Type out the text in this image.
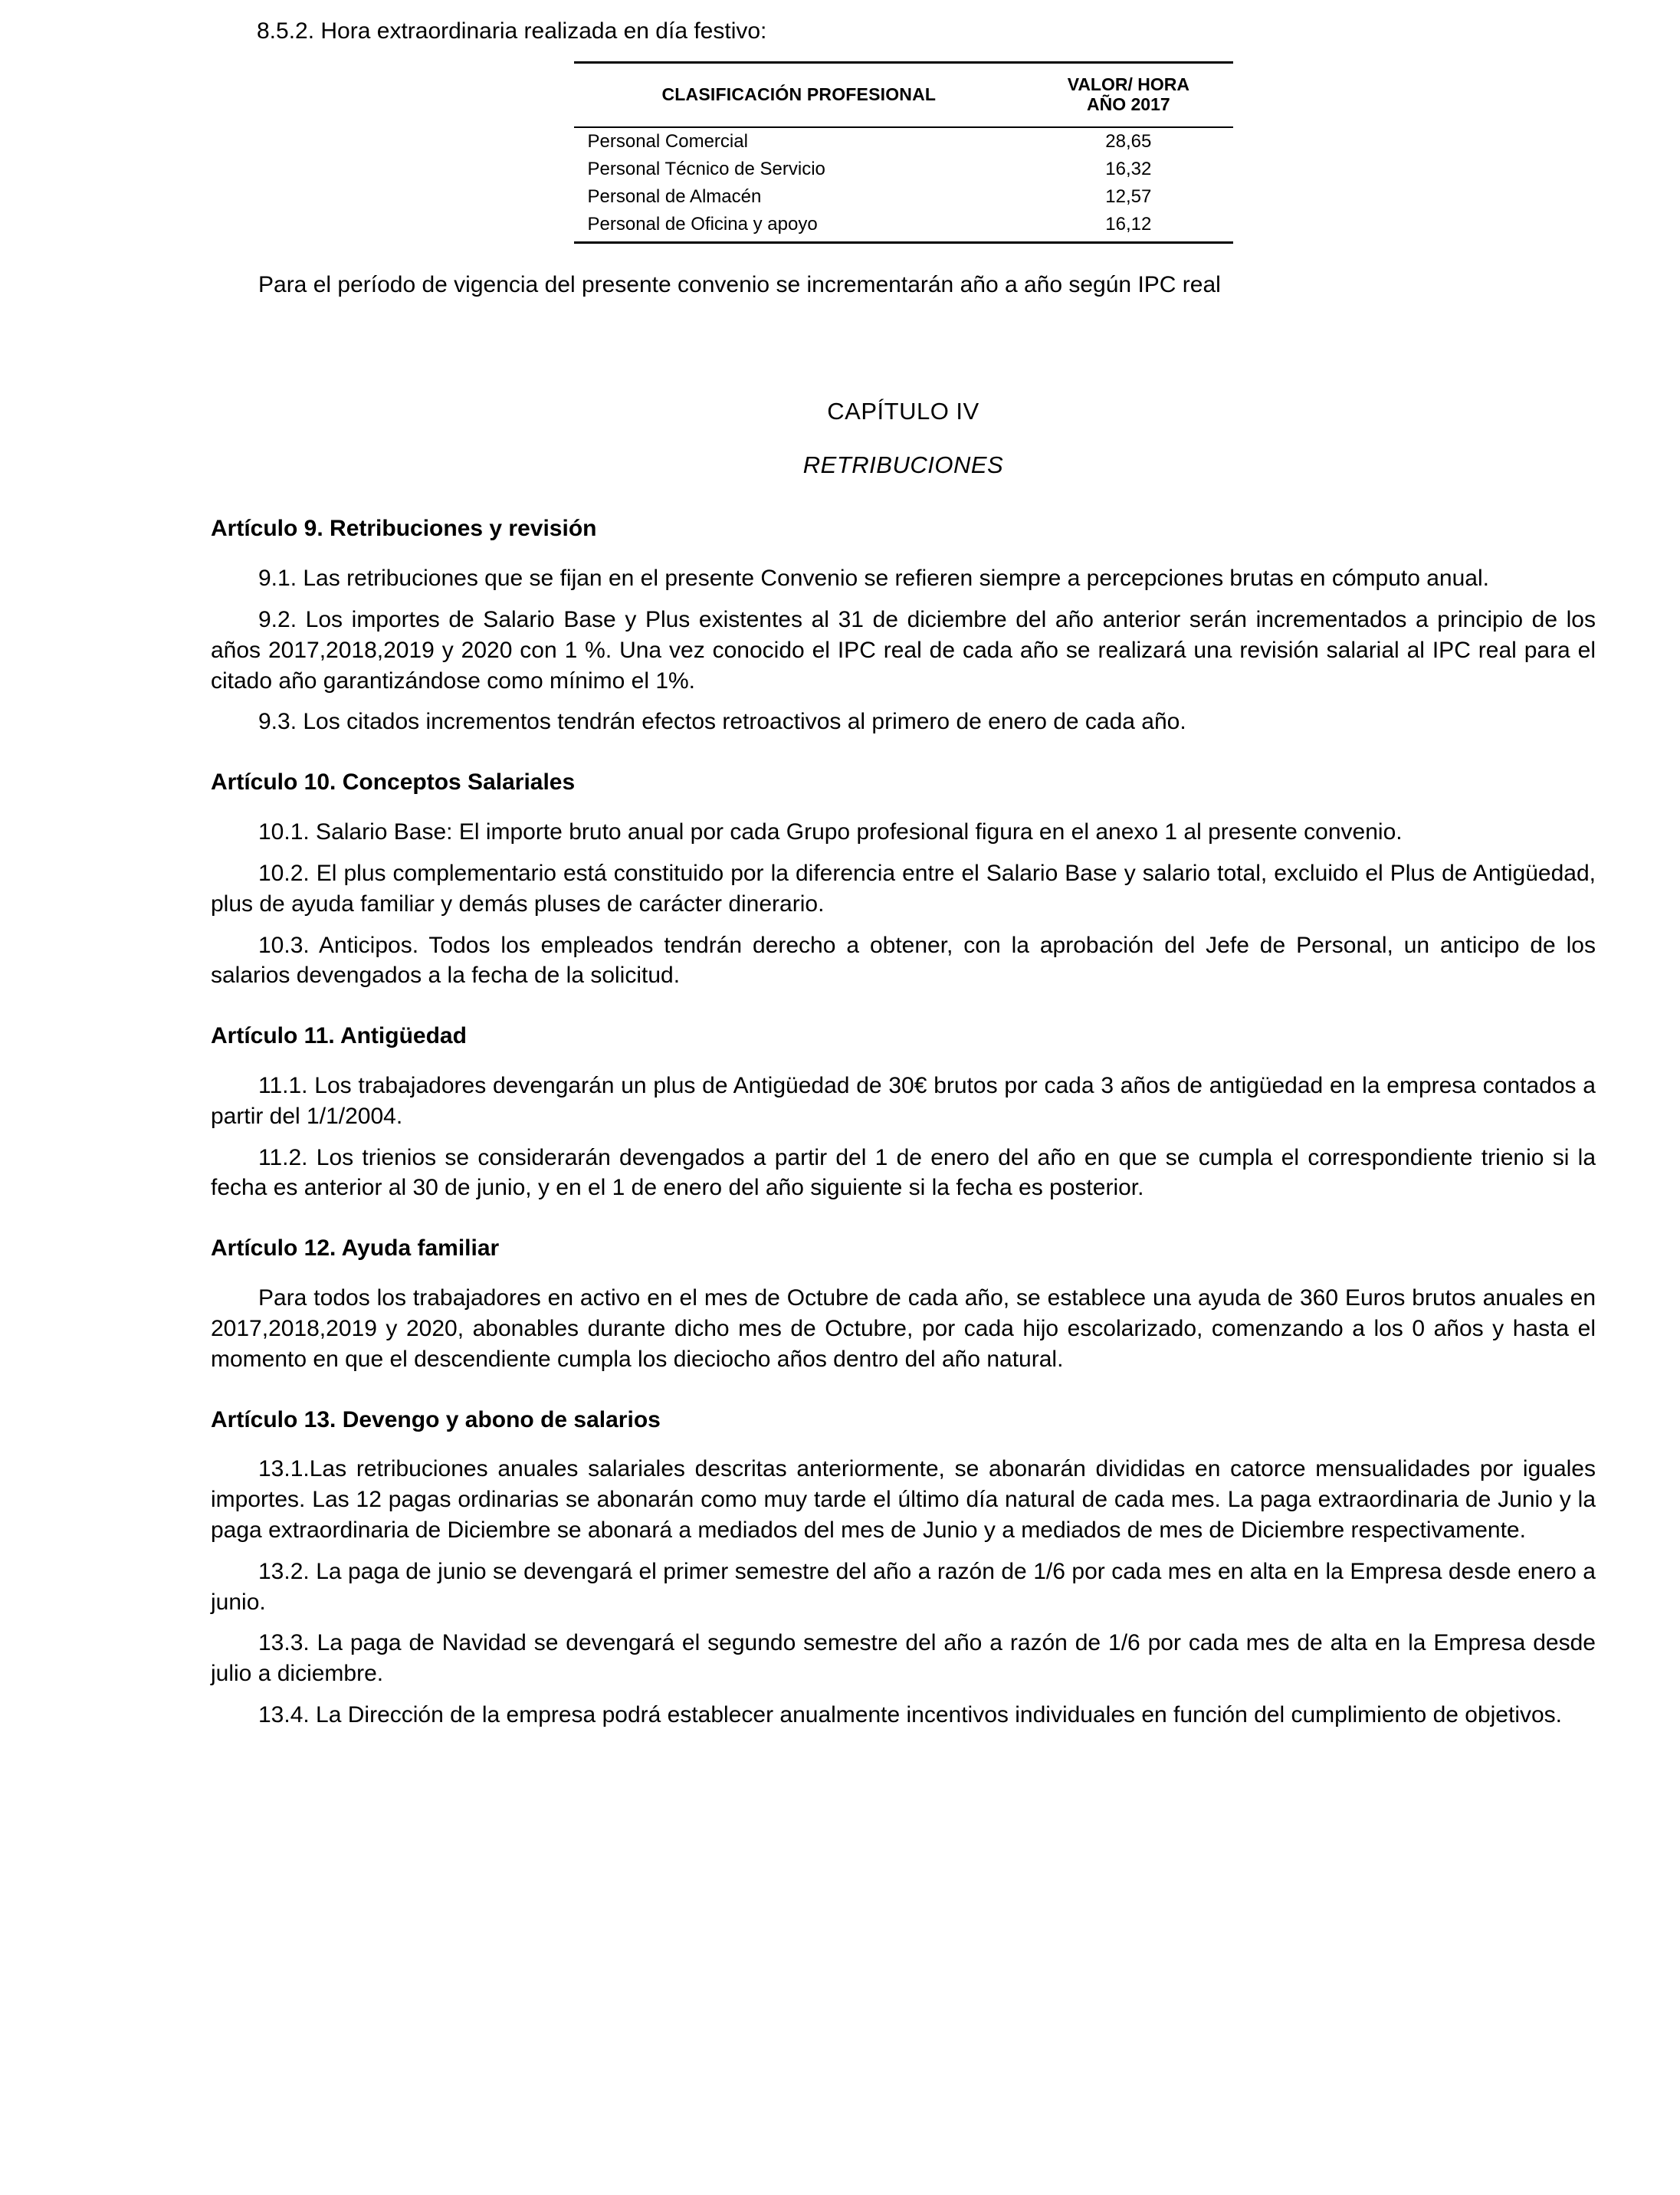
8.5.2. Hora extraordinaria realizada en día festivo:
CLASIFICACIÓN PROFESIONAL	VALOR/ HORA
AÑO 2017

Personal Comercial	28,65
Personal Técnico de Servicio	16,32
Personal de Almacén	12,57
Personal de Oficina y apoyo	16,12
Para el período de vigencia del presente convenio se incrementarán año a año según IPC real
CAPÍTULO IV
RETRIBUCIONES
Artículo 9. Retribuciones y revisión

9.1. Las retribuciones que se fijan en el presente Convenio se refieren siempre a percepciones brutas en cómputo anual.

9.2. Los importes de Salario Base y Plus existentes al 31 de diciembre del año anterior serán incrementados a principio de los años 2017,2018,2019 y 2020 con 1 %. Una vez conocido el IPC real de cada año se realizará una revisión salarial al IPC real para el citado año garantizándose como mínimo el 1%.

9.3. Los citados incrementos tendrán efectos retroactivos al primero de enero de cada año.

Artículo 10. Conceptos Salariales

10.1. Salario Base: El importe bruto anual por cada Grupo profesional figura en el anexo 1 al presente convenio.

10.2. El plus complementario está constituido por la diferencia entre el Salario Base y salario total, excluido el Plus de Antigüedad, plus de ayuda familiar y demás pluses de carácter dinerario.

10.3. Anticipos. Todos los empleados tendrán derecho a obtener, con la aprobación del Jefe de Personal, un anticipo de los salarios devengados a la fecha de la solicitud.

Artículo 11. Antigüedad

11.1. Los trabajadores devengarán un plus de Antigüedad de 30€ brutos por cada 3 años de antigüedad en la empresa contados a partir del 1/1/2004.

11.2. Los trienios se considerarán devengados a partir del 1 de enero del año en que se cumpla el correspondiente trienio si la fecha es anterior al 30 de junio, y en el 1 de enero del año siguiente si la fecha es posterior.

Artículo 12. Ayuda familiar

Para todos los trabajadores en activo en el mes de Octubre de cada año, se establece una ayuda de 360 Euros brutos anuales en 2017,2018,2019 y 2020, abonables durante dicho mes de Octubre, por cada hijo escolarizado, comenzando a los 0 años y hasta el momento en que el descendiente cumpla los dieciocho años dentro del año natural.

Artículo 13. Devengo y abono de salarios

13.1.Las retribuciones anuales salariales descritas anteriormente, se abonarán divididas en catorce mensualidades por iguales importes. Las 12 pagas ordinarias se abonarán como muy tarde el último día natural de cada mes. La paga extraordinaria de Junio y la paga extraordinaria de Diciembre se abonará a mediados del mes de Junio y a mediados de mes de Diciembre respectivamente.

13.2. La paga de junio se devengará el primer semestre del año a razón de 1/6 por cada mes en alta en la Empresa desde enero a junio.

13.3. La paga de Navidad se devengará el segundo semestre del año a razón de 1/6 por cada mes de alta en la Empresa desde julio a diciembre.

13.4. La Dirección de la empresa podrá establecer anualmente incentivos individuales en función del cumplimiento de objetivos.
